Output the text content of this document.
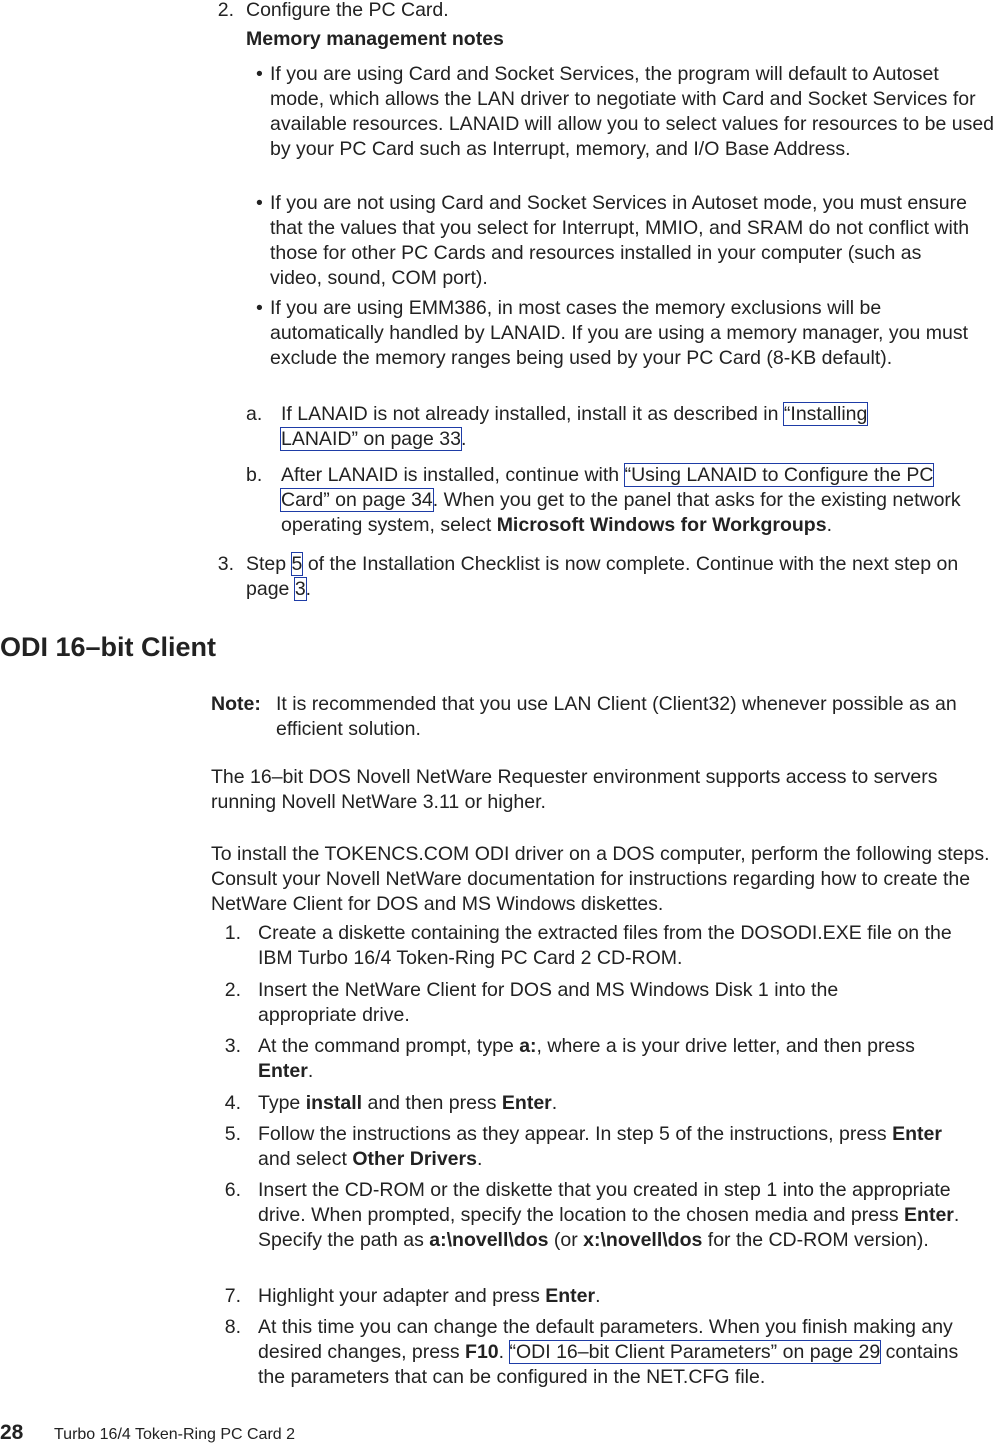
2. Configure the PC Card.

Memory management notes

• If you are using Card and Socket Services, the program will default to Autoset mode, which allows the LAN driver to negotiate with Card and Socket Services for available resources. LANAID will allow you to select values for resources to be used by your PC Card such as Interrupt, memory, and I/O Base Address.

• If you are not using Card and Socket Services in Autoset mode, you must ensure that the values that you select for Interrupt, MMIO, and SRAM do not conflict with those for other PC Cards and resources installed in your computer (such as video, sound, COM port).

• If you are using EMM386, in most cases the memory exclusions will be automatically handled by LANAID. If you are using a memory manager, you must exclude the memory ranges being used by your PC Card (8-KB default).

a. If LANAID is not already installed, install it as described in “Installing
LANAID” on page 33.

b. After LANAID is installed, continue with “Using LANAID to Configure the PC
Card” on page 34. When you get to the panel that asks for the existing network operating system, select Microsoft Windows for Workgroups.

3. Step 5 of the Installation Checklist is now complete. Continue with the next step on page 3.

ODI 16–bit Client
Note: It is recommended that you use LAN Client (Client32) whenever possible as an efficient solution.

The 16–bit DOS Novell NetWare Requester environment supports access to servers running Novell NetWare 3.11 or higher.

To install the TOKENCS.COM ODI driver on a DOS computer, perform the following steps. Consult your Novell NetWare documentation for instructions regarding how to create the NetWare Client for DOS and MS Windows diskettes.

1. Create a diskette containing the extracted files from the DOSODI.EXE file on the IBM Turbo 16/4 Token-Ring PC Card 2 CD-ROM.

2. Insert the NetWare Client for DOS and MS Windows Disk 1 into the appropriate drive.

3. At the command prompt, type a:, where a is your drive letter, and then press
Enter.

4. Type install and then press Enter.

5. Follow the instructions as they appear. In step 5 of the instructions, press Enter and select Other Drivers.

6. Insert the CD-ROM or the diskette that you created in step 1 into the appropriate drive. When prompted, specify the location to the chosen media and press Enter. Specify the path as a:\novell\dos (or x:\novell\dos for the CD-ROM version).

7. Highlight your adapter and press Enter.

8. At this time you can change the default parameters. When you finish making any desired changes, press F10. “ODI 16–bit Client Parameters” on page 29 contains the parameters that can be configured in the NET.CFG file.

28 Turbo 16/4 Token-Ring PC Card 2
